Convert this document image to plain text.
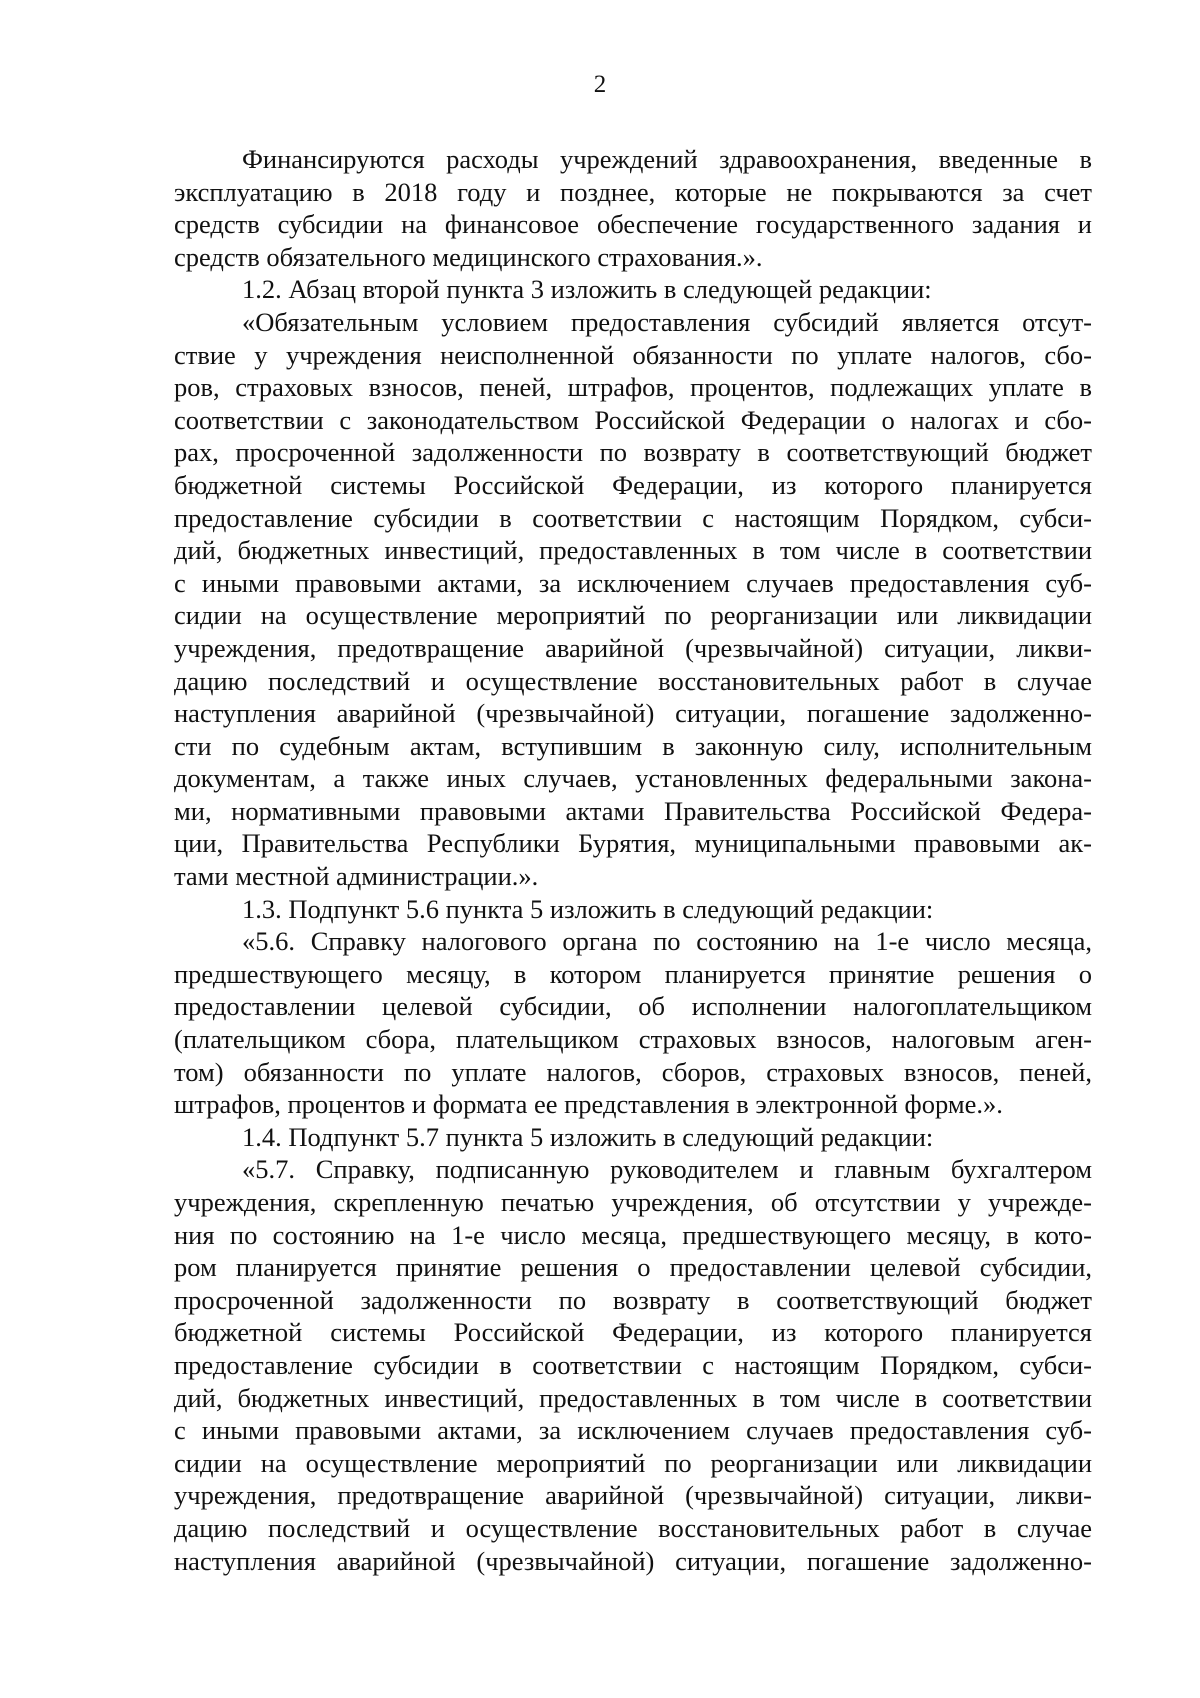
2
Финансируются расходы учреждений здравоохранения, введенные в
эксплуатацию в 2018 году и позднее, которые не покрываются за счет
средств субсидии на финансовое обеспечение государственного задания и
средств обязательного медицинского страхования.».
1.2. Абзац второй пункта 3 изложить в следующей редакции:
«Обязательным условием предоставления субсидий является отсут-
ствие у учреждения неисполненной обязанности по уплате налогов, сбо-
ров, страховых взносов, пеней, штрафов, процентов, подлежащих уплате в
соответствии с законодательством Российской Федерации о налогах и сбо-
рах, просроченной задолженности по возврату в соответствующий бюджет
бюджетной системы Российской Федерации, из которого планируется
предоставление субсидии в соответствии с настоящим Порядком, субси-
дий, бюджетных инвестиций, предоставленных в том числе в соответствии
с иными правовыми актами, за исключением случаев предоставления суб-
сидии на осуществление мероприятий по реорганизации или ликвидации
учреждения, предотвращение аварийной (чрезвычайной) ситуации, ликви-
дацию последствий и осуществление восстановительных работ в случае
наступления аварийной (чрезвычайной) ситуации, погашение задолженно-
сти по судебным актам, вступившим в законную силу, исполнительным
документам, а также иных случаев, установленных федеральными закона-
ми, нормативными правовыми актами Правительства Российской Федера-
ции, Правительства Республики Бурятия, муниципальными правовыми ак-
тами местной администрации.».
1.3. Подпункт 5.6 пункта 5 изложить в следующий редакции:
«5.6. Справку налогового органа по состоянию на 1-е число месяца,
предшествующего месяцу, в котором планируется принятие решения о
предоставлении целевой субсидии, об исполнении налогоплательщиком
(плательщиком сбора, плательщиком страховых взносов, налоговым аген-
том) обязанности по уплате налогов, сборов, страховых взносов, пеней,
штрафов, процентов и формата ее представления в электронной форме.».
1.4. Подпункт 5.7 пункта 5 изложить в следующий редакции:
«5.7. Справку, подписанную руководителем и главным бухгалтером
учреждения, скрепленную печатью учреждения, об отсутствии у учрежде-
ния по состоянию на 1-е число месяца, предшествующего месяцу, в кото-
ром планируется принятие решения о предоставлении целевой субсидии,
просроченной задолженности по возврату в соответствующий бюджет
бюджетной системы Российской Федерации, из которого планируется
предоставление субсидии в соответствии с настоящим Порядком, субси-
дий, бюджетных инвестиций, предоставленных в том числе в соответствии
с иными правовыми актами, за исключением случаев предоставления суб-
сидии на осуществление мероприятий по реорганизации или ликвидации
учреждения, предотвращение аварийной (чрезвычайной) ситуации, ликви-
дацию последствий и осуществление восстановительных работ в случае
наступления аварийной (чрезвычайной) ситуации, погашение задолженно-
